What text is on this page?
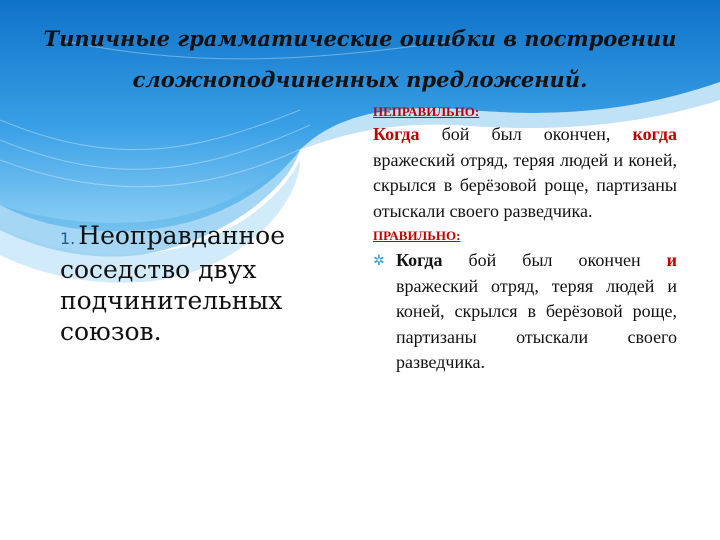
Типичные грамматические ошибки в построении сложноподчиненных предложений.
1. Неоправданное соседство двух подчинительных союзов.
НЕПРАВИЛЬНО:

Когда бой был окончен, когда вражеский отряд, теряя людей и коней, скрылся в берёзовой роще, партизаны отыскали своего разведчика.

ПРАВИЛЬНО:
✲ Когда бой был окончен и вражеский отряд, теряя людей и коней, скрылся в берёзовой роще, партизаны отыскали своего разведчика.
